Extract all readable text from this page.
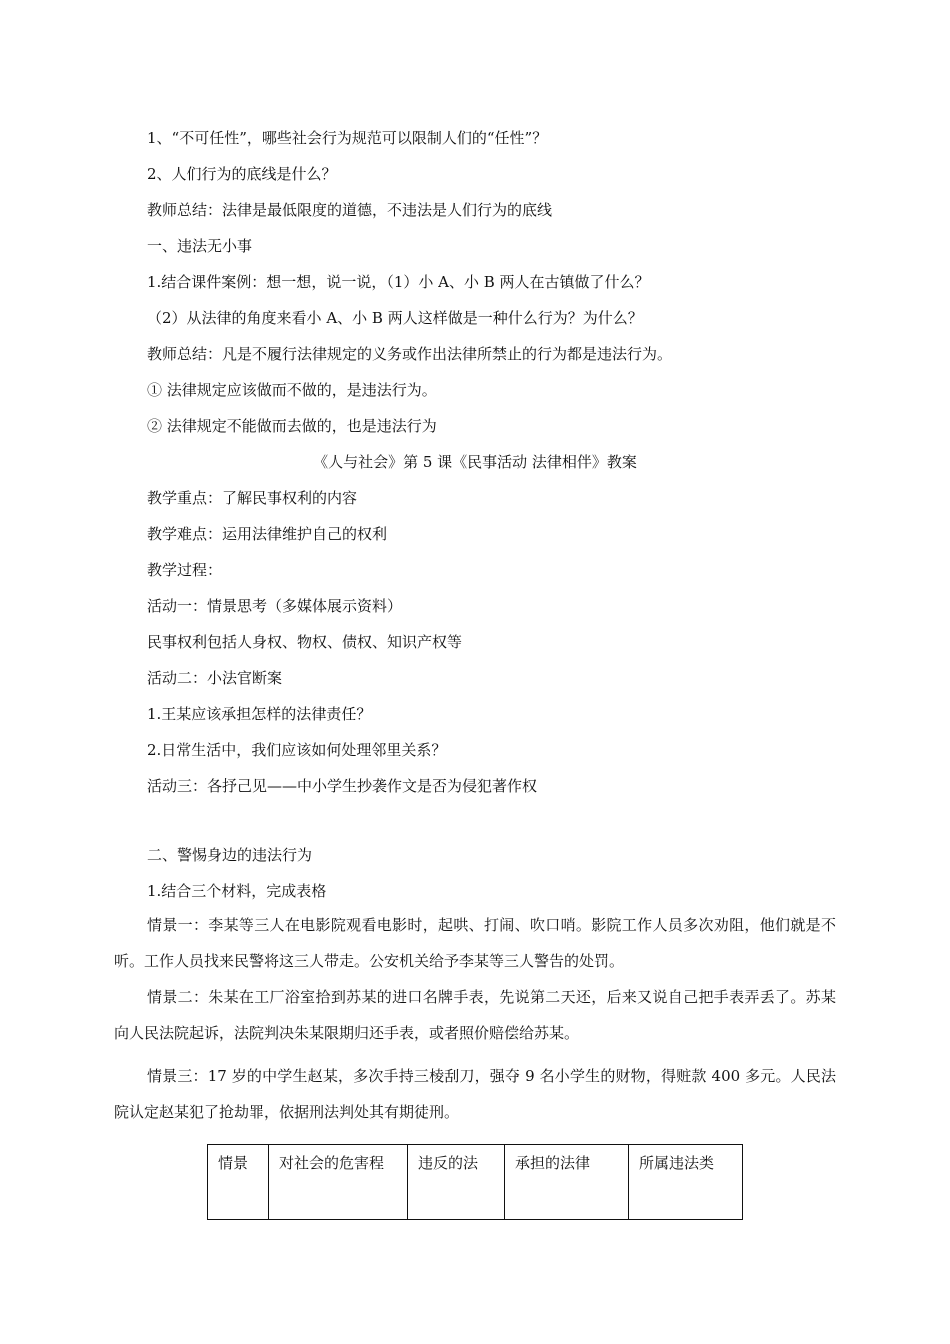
1、“不可任性”，哪些社会行为规范可以限制人们的“任性”？
2、人们行为的底线是什么？
教师总结：法律是最低限度的道德，不违法是人们行为的底线
一、违法无小事
1.结合课件案例：想一想，说一说，（1）小 A、小 B 两人在古镇做了什么？
（2）从法律的角度来看小 A、小 B 两人这样做是一种什么行为？为什么？
教师总结：凡是不履行法律规定的义务或作出法律所禁止的行为都是违法行为。
① 法律规定应该做而不做的，是违法行为。
② 法律规定不能做而去做的，也是违法行为
《人与社会》第 5 课《民事活动 法律相伴》教案
教学重点：了解民事权利的内容
教学难点：运用法律维护自己的权利
教学过程：
活动一：情景思考（多媒体展示资料）
民事权利包括人身权、物权、债权、知识产权等
活动二：小法官断案
1.王某应该承担怎样的法律责任？
2.日常生活中，我们应该如何处理邻里关系？
活动三：各抒己见——中小学生抄袭作文是否为侵犯著作权
二、警惕身边的违法行为
1.结合三个材料，完成表格
情景一：李某等三人在电影院观看电影时，起哄、打闹、吹口哨。影院工作人员多次劝阻，他们就是不听。工作人员找来民警将这三人带走。公安机关给予李某等三人警告的处罚。
情景二：朱某在工厂浴室拾到苏某的进口名牌手表，先说第二天还，后来又说自己把手表弄丢了。苏某向人民法院起诉，法院判决朱某限期归还手表，或者照价赔偿给苏某。
情景三：17 岁的中学生赵某，多次手持三棱刮刀，强夺 9 名小学生的财物，得赃款 400 多元。人民法院认定赵某犯了抢劫罪，依据刑法判处其有期徒刑。
情景	对社会的危害程	违反的法	承担的法律	所属违法类
